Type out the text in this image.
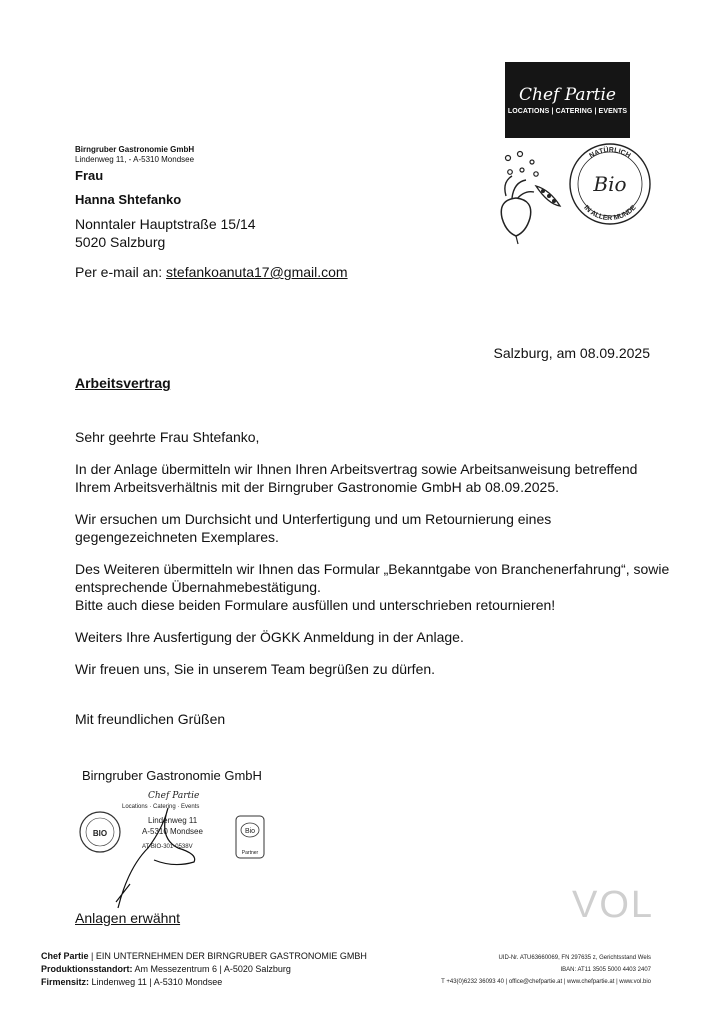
Chef Partie
LOCATIONS | CATERING | EVENTS
NATÜRLICH
IN ALLER MUNDE
Bio
Birngruber Gastronomie GmbH
Lindenweg 11, - A-5310 Mondsee
Frau
Hanna Shtefanko
Nonntaler Hauptstraße 15/14
5020 Salzburg
Per e-mail an: stefankoanuta17@gmail.com
Salzburg, am 08.09.2025
Arbeitsvertrag

Sehr geehrte Frau Shtefanko,

In der Anlage übermitteln wir Ihnen Ihren Arbeitsvertrag sowie Arbeitsanweisung betreffend Ihrem Arbeitsverhältnis mit der Birngruber Gastronomie GmbH ab 08.09.2025.

Wir ersuchen um Durchsicht und Unterfertigung und um Retournierung eines gegengezeichneten Exemplares.

Des Weiteren übermitteln wir Ihnen das Formular „Bekanntgabe von Branchenerfahrung“, sowie entsprechende Übernahmebestätigung.

Bitte auch diese beiden Formulare ausfüllen und unterschrieben retournieren!

Weiters Ihre Ausfertigung der ÖGKK Anmeldung in der Anlage.

Wir freuen uns, Sie in unserem Team begrüßen zu dürfen.

Mit freundlichen Grüßen
Birngruber Gastronomie GmbH
BIO
Chef Partie
Locations · Catering · Events
Lindenweg 11
A-5310 Mondsee
AT-BIO-301-0538V
Bio
Partner
Anlagen erwähnt	VOL
Chef Partie | EIN UNTERNEHMEN DER BIRNGRUBER GASTRONOMIE GMBH
Produktionsstandort: Am Messezentrum 6 | A-5020 Salzburg
Firmensitz: Lindenweg 11 | A-5310 Mondsee
UID-Nr. ATU63660069, FN 297635 z, Gerichtsstand Wels
IBAN: AT11 3505 5000 4403 2407
T +43(0)6232 36093 40 | office@chefpartie.at | www.chefpartie.at | www.vol.bio
